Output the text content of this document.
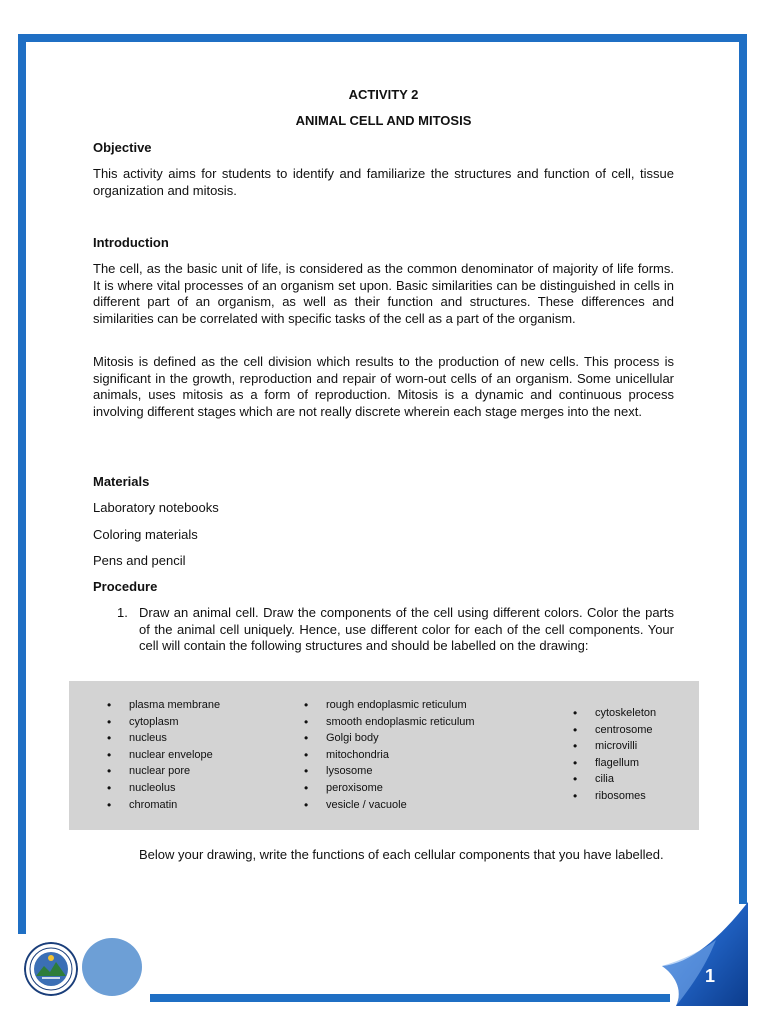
ACTIVITY 2
ANIMAL CELL AND MITOSIS
Objective
This activity aims for students to identify and familiarize the structures and function of cell, tissue organization and mitosis.
Introduction
The cell, as the basic unit of life, is considered as the common denominator of majority of life forms. It is where vital processes of an organism set upon. Basic similarities can be distinguished in cells in different part of an organism, as well as their function and structures. These differences and similarities can be correlated with specific tasks of the cell as a part of the organism.
Mitosis is defined as the cell division which results to the production of new cells. This process is significant in the growth, reproduction and repair of worn-out cells of an organism. Some unicellular animals, uses mitosis as a form of reproduction. Mitosis is a dynamic and continuous process involving different stages which are not really discrete wherein each stage merges into the next.
Materials
Laboratory notebooks
Coloring materials
Pens and pencil
Procedure
1. Draw an animal cell. Draw the components of the cell using different colors. Color the parts of the animal cell uniquely. Hence, use different color for each of the cell components. Your cell will contain the following structures and should be labelled on the drawing:
• plasma membrane
• cytoplasm
• nucleus
• nuclear envelope
• nuclear pore
• nucleolus
• chromatin
• rough endoplasmic reticulum
• smooth endoplasmic reticulum
• Golgi body
• mitochondria
• lysosome
• peroxisome
• vesicle / vacuole
• cytoskeleton
• centrosome
• microvilli
• flagellum
• cilia
• ribosomes
Below your drawing, write the functions of each cellular components that you have labelled.
1
